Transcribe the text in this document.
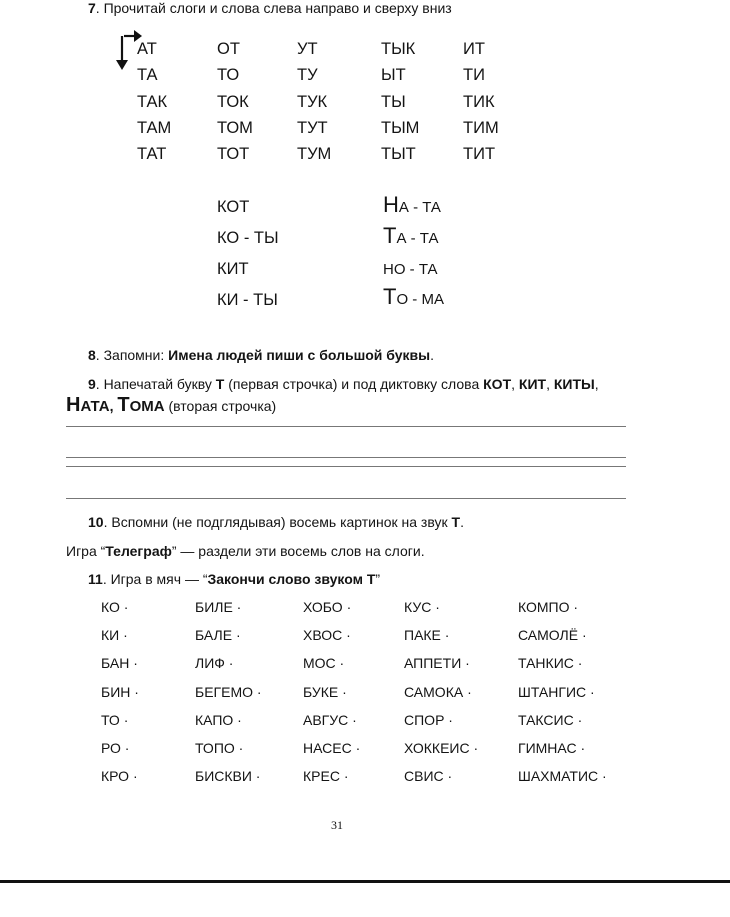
7. Прочитай слоги и слова слева направо и сверху вниз
АТ
ТА
ТАК
ТАМ
ТАТ
ОТ
ТО
ТОК
ТОМ
ТОТ
УТ
ТУ
ТУК
ТУТ
ТУМ
ТЫК
ЫТ
ТЫ
ТЫМ
ТЫТ
ИТ
ТИ
ТИК
ТИМ
ТИТ
КОТ
КО - ТЫ
КИТ
КИ - ТЫ
НА - ТА
ТА - ТА
НО - ТА
ТО - МА
8. Запомни: Имена людей пиши с большой буквы.
9. Напечатай букву Т (первая строчка) и под диктовку слова КОТ, КИТ, КИТЫ,
НАТА, ТОМА (вторая строчка)
10. Вспомни (не подглядывая) восемь картинок на звук Т.
Игра “Телеграф” — раздели эти восемь слов на слоги.
11. Игра в мяч — “Закончи слово звуком Т”
КО ·
КИ ·
БАН ·
БИН ·
ТО ·
РО ·
КРО ·
БИЛЕ ·
БАЛЕ ·
ЛИФ ·
БЕГЕМО ·
КАПО ·
ТОПО ·
БИСКВИ ·
ХОБО ·
ХВОС ·
МОС ·
БУКЕ ·
АВГУС ·
НАСЕС ·
КРЕС ·
КУС ·
ПАКЕ ·
АППЕТИ ·
САМОКА ·
СПОР ·
ХОККЕИС ·
СВИС ·
КОМПО ·
САМОЛЁ ·
ТАНКИС ·
ШТАНГИС ·
ТАКСИС ·
ГИМНАС ·
ШАХМАТИС ·
31
